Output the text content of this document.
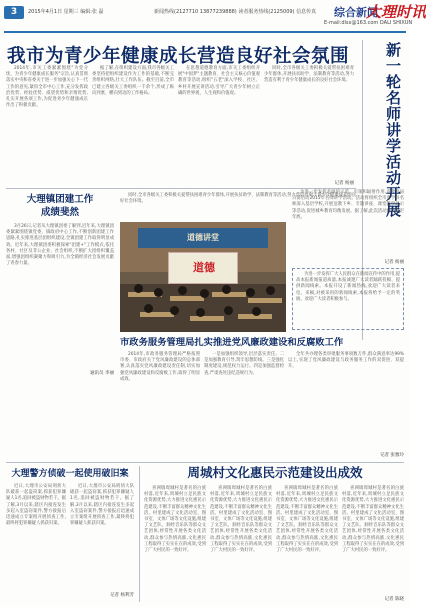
3	2015年4月1日 星期三 编辑:张 磊	新闻热线(2127710 13877239888) 读者服务热线(2125009) 信息传真 综合新闻
大理时讯
E-mail:dlsx@163.com DALI SHIXUN
我市为青少年健康成长营造良好社会氛围

2014年,市关工委紧紧围绕"为党分忧、为青少年健康成长服务"宗旨,认真贯彻落实中央和省委关于进一步加强关心下一代工作的意见,紧扣全市中心工作,充分发挥政治优势、经验优势、威望优势和亲情优势,扎实开展各项工作,为促进青少年健康成长作出了积极贡献。

据了解,在组织建设方面,我市各级关工委坚持把组织建设作为工作的基础,不断完善组织网络,壮大工作队伍。截至目前,全市已建立各级关工委组织一千余个,形成了纵向到底、横向到边的工作格局。

在思想道德教育方面,市关工委组织开展"中国梦"主题教育、社会主义核心价值观教育等活动,组织"五老"深入学校、社区、乡村开展宣讲活动,引导广大青少年树立正确的世界观、人生观和价值观。

同时,全市各级关工委积极关爱帮扶困难青少年群体,开展扶贫助学、法制教育等活动,努力营造有利于青少年健康成长的良好社会环境。

记者 杨丽
大理镇团建工作
成绩斐然

3月26日,记者从大理镇团委了解到,近年来,大理镇团委紧紧围绕镇党委、镇政府中心工作,不断创新团建工作思路,扎实推进基层团组织建设,全镇团建工作取得明显成效。近年来,大理镇团委积极探索"团建+"工作模式,依托各村、社区及非公企业、社会组织,不断扩大团组织覆盖面,增强团组织凝聚力和吸引力,为全镇经济社会发展贡献了青春力量。

通讯员 李丽

同时,全市各级关工委积极关爱帮扶困难青少年群体,开展扶贫助学、法制教育等活动,努力营造有利于青少年健康成长的良好社会环境。

道德讲堂
道德
市政务服务管理局扎实推进党风廉政建设和反腐败工作

2014年,市政务服务管理局严格按照市委、市政府关于党风廉政建设的总体部署,认真落实党风廉政建设责任制,切实加强党风廉政建设和反腐败工作,取得了明显成效。

一是加强组织领导,层层落实责任。二是加强教育引导,筑牢思想防线。三是强化制度建设,规范权力运行。四是加强监督检查,严肃查处违纪违规行为。

全年共办理各类审批服务事项数万件,群众满意率达99%以上,实现了党风廉政建设与政务服务工作的双促进、双提升。

记者 张雅玲
新一轮名师讲学活动开展

为进一步发挥名师的示范、引领和辐射作用,市教育局日前启动2015年名师讲学活动。活动将组织全市各学科名师深入基层学校,开展送教下乡、专题讲座、课堂教学展示等活动,促进城乡教育均衡发展。据了解,此次活动将持续至年底。

记者 杨丽

为进一步发挥广大人民群众在新闻宣传中的作用,提高本报新闻报道质量,本报诚邀广大读者踊跃投稿、提供新闻线索。本报开设了新闻热线,欢迎广大读者来电、来稿,对被采用的新闻线索,本报将给予一定的奖励。欢迎广大读者积极参与。

大理警方侦破一起使用破旧案

近日,大理市公安局刑侦大队破获一起盗窃案,抓获犯罪嫌疑人1名,追回被盗财物若干。据了解,3月以来,辖区内接连发生多起入室盗窃案件,警方接报后迅速成立专案组开展侦查工作,最终将犯罪嫌疑人抓获归案。

近日,大理市公安局刑侦大队破获一起盗窃案,抓获犯罪嫌疑人1名,追回被盗财物若干。据了解,3月以来,辖区内接连发生多起入室盗窃案件,警方接报后迅速成立专案组开展侦查工作,最终将犯罪嫌疑人抓获归案。

记者 杨利芳
周城村文化惠民示范建设出成效

喜洲镇周城村是著名的白族村落,近年来,周城村立足民族文化资源优势,大力推进文化惠民示范建设,不断丰富群众精神文化生活。村里建成了文化活动室、图书室、文体广场等文化设施,组建了文艺队、洞经音乐队等群众文艺团体,经常性开展各类文化活动,群众参与热情高涨,文化惠民工程取得了实实在在的成效,受到了广大村民的一致好评。

喜洲镇周城村是著名的白族村落,近年来,周城村立足民族文化资源优势,大力推进文化惠民示范建设,不断丰富群众精神文化生活。村里建成了文化活动室、图书室、文体广场等文化设施,组建了文艺队、洞经音乐队等群众文艺团体,经常性开展各类文化活动,群众参与热情高涨,文化惠民工程取得了实实在在的成效,受到了广大村民的一致好评。

喜洲镇周城村是著名的白族村落,近年来,周城村立足民族文化资源优势,大力推进文化惠民示范建设,不断丰富群众精神文化生活。村里建成了文化活动室、图书室、文体广场等文化设施,组建了文艺队、洞经音乐队等群众文艺团体,经常性开展各类文化活动,群众参与热情高涨,文化惠民工程取得了实实在在的成效,受到了广大村民的一致好评。

喜洲镇周城村是著名的白族村落,近年来,周城村立足民族文化资源优势,大力推进文化惠民示范建设,不断丰富群众精神文化生活。村里建成了文化活动室、图书室、文体广场等文化设施,组建了文艺队、洞经音乐队等群众文艺团体,经常性开展各类文化活动,群众参与热情高涨,文化惠民工程取得了实实在在的成效,受到了广大村民的一致好评。

记者 陈晓
